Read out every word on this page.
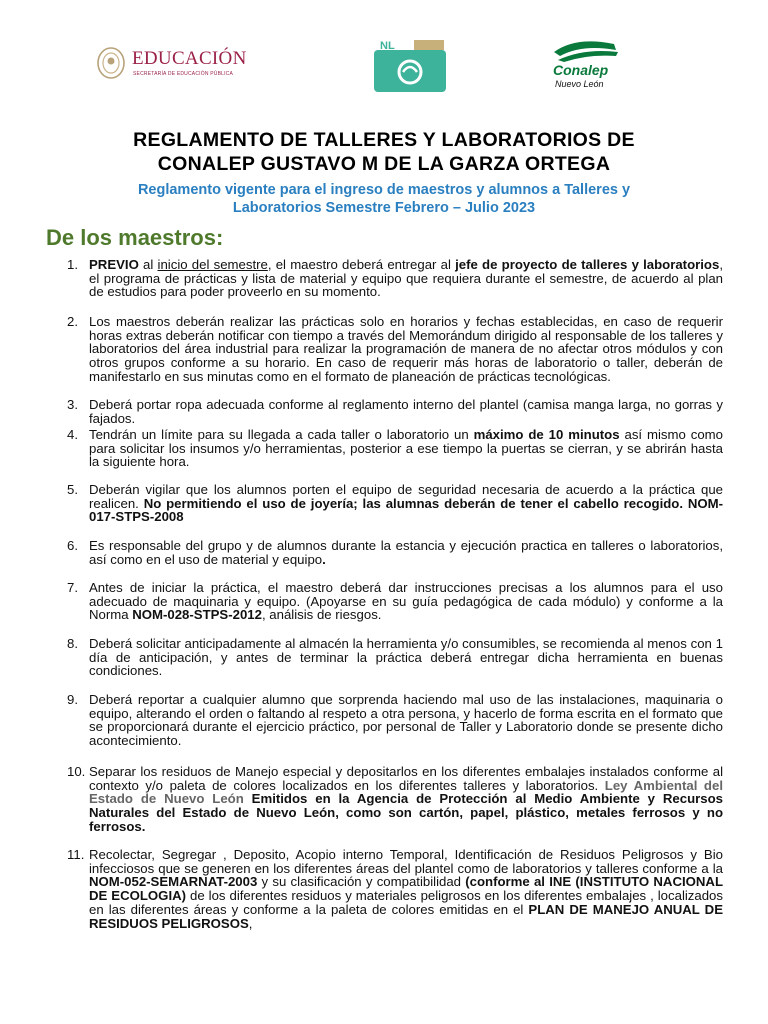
EDUCACIÓN
SECRETARÍA DE EDUCACIÓN PÚBLICA
NL
Conalep
Nuevo León
REGLAMENTO DE TALLERES Y LABORATORIOS DE
CONALEP GUSTAVO M DE LA GARZA ORTEGA
Reglamento vigente para el ingreso de maestros y alumnos a Talleres y
Laboratorios Semestre Febrero – Julio 2023
De los maestros:
1. PREVIO al inicio del semestre, el maestro deberá entregar al jefe de proyecto de talleres y laboratorios, el programa de prácticas y lista de material y equipo que requiera durante el semestre, de acuerdo al plan de estudios para poder proveerlo en su momento.
2. Los maestros deberán realizar las prácticas solo en horarios y fechas establecidas, en caso de requerir horas extras deberán notificar con tiempo a través del Memorándum dirigido al responsable de los talleres y laboratorios del área industrial para realizar la programación de manera de no afectar otros módulos y con otros grupos conforme a su horario. En caso de requerir más horas de laboratorio o taller, deberán de manifestarlo en sus minutas como en el formato de planeación de prácticas tecnológicas.
3. Deberá portar ropa adecuada conforme al reglamento interno del plantel (camisa manga larga, no gorras y fajados.
4. Tendrán un límite para su llegada a cada taller o laboratorio un máximo de 10 minutos así mismo como para solicitar los insumos y/o herramientas, posterior a ese tiempo la puertas se cierran, y se abrirán hasta la siguiente hora.
5. Deberán vigilar que los alumnos porten el equipo de seguridad necesaria de acuerdo a la práctica que realicen. No permitiendo el uso de joyería; las alumnas deberán de tener el cabello recogido. NOM-017-STPS-2008
6. Es responsable del grupo y de alumnos durante la estancia y ejecución practica en talleres o laboratorios, así como en el uso de material y equipo.
7. Antes de iniciar la práctica, el maestro deberá dar instrucciones precisas a los alumnos para el uso adecuado de maquinaria y equipo. (Apoyarse en su guía pedagógica de cada módulo) y conforme a la Norma NOM-028-STPS-2012, análisis de riesgos.
8. Deberá solicitar anticipadamente al almacén la herramienta y/o consumibles, se recomienda al menos con 1 día de anticipación, y antes de terminar la práctica deberá entregar dicha herramienta en buenas condiciones.
9. Deberá reportar a cualquier alumno que sorprenda haciendo mal uso de las instalaciones, maquinaria o equipo, alterando el orden o faltando al respeto a otra persona, y hacerlo de forma escrita en el formato que se proporcionará durante el ejercicio práctico, por personal de Taller y Laboratorio donde se presente dicho acontecimiento.
10. Separar los residuos de Manejo especial y depositarlos en los diferentes embalajes instalados conforme al contexto y/o paleta de colores localizados en los diferentes talleres y laboratorios. Ley Ambiental del Estado de Nuevo León Emitidos en la Agencia de Protección al Medio Ambiente y Recursos Naturales del Estado de Nuevo León, como son cartón, papel, plástico, metales ferrosos y no ferrosos.
11. Recolectar, Segregar , Deposito, Acopio interno Temporal, Identificación de Residuos Peligrosos y Bio infecciosos que se generen en los diferentes áreas del plantel como de laboratorios y talleres conforme a la NOM-052-SEMARNAT-2003 y su clasificación y compatibilidad (conforme al INE (INSTITUTO NACIONAL DE ECOLOGIA) de los diferentes residuos y materiales peligrosos en los diferentes embalajes , localizados en las diferentes áreas y conforme a la paleta de colores emitidas en el PLAN DE MANEJO ANUAL DE RESIDUOS PELIGROSOS,
